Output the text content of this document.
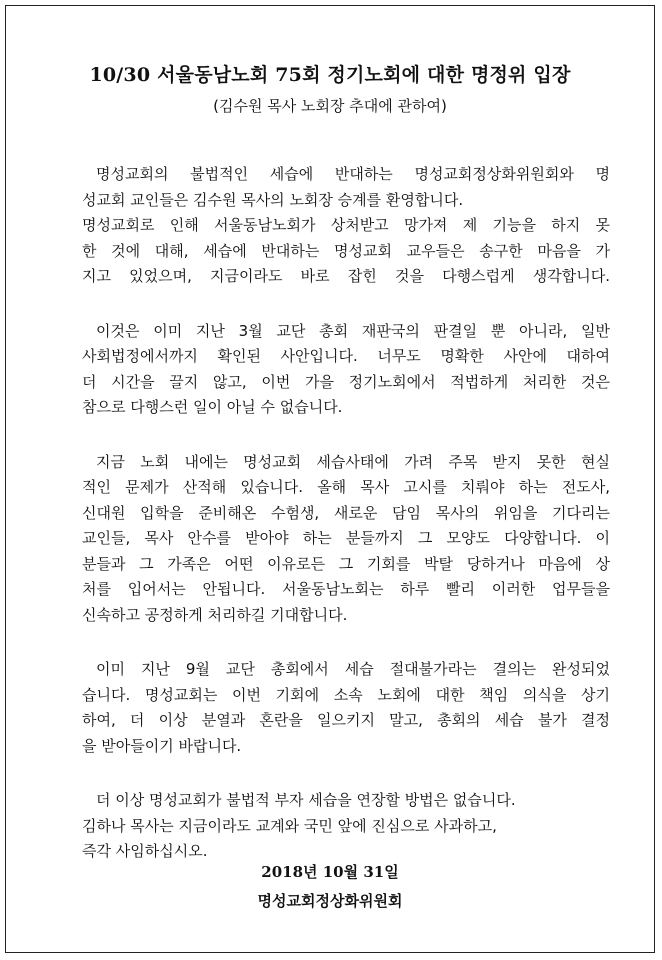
10/30 서울동남노회 75회 정기노회에 대한 명정위 입장
(김수원 목사 노회장 추대에 관하여)
명성교회의 불법적인 세습에 반대하는 명성교회정상화위원회와 명
성교회 교인들은 김수원 목사의 노회장 승계를 환영합니다.
명성교회로 인해 서울동남노회가 상처받고 망가져 제 기능을 하지 못
한 것에 대해, 세습에 반대하는 명성교회 교우들은 송구한 마음을 가
지고 있었으며, 지금이라도 바로 잡힌 것을 다행스럽게 생각합니다.
이것은 이미 지난 3월 교단 총회 재판국의 판결일 뿐 아니라, 일반
사회법정에서까지 확인된 사안입니다. 너무도 명확한 사안에 대하여
더 시간을 끌지 않고, 이번 가을 정기노회에서 적법하게 처리한 것은
참으로 다행스런 일이 아닐 수 없습니다.
지금 노회 내에는 명성교회 세습사태에 가려 주목 받지 못한 현실
적인 문제가 산적해 있습니다. 올해 목사 고시를 치뤄야 하는 전도사,
신대원 입학을 준비해온 수험생, 새로운 담임 목사의 위임을 기다리는
교인들, 목사 안수를 받아야 하는 분들까지 그 모양도 다양합니다. 이
분들과 그 가족은 어떤 이유로든 그 기회를 박탈 당하거나 마음에 상
처를 입어서는 안됩니다. 서울동남노회는 하루 빨리 이러한 업무들을
신속하고 공정하게 처리하길 기대합니다.
이미 지난 9월 교단 총회에서 세습 절대불가라는 결의는 완성되었
습니다. 명성교회는 이번 기회에 소속 노회에 대한 책임 의식을 상기
하여, 더 이상 분열과 혼란을 일으키지 말고, 총회의 세습 불가 결정
을 받아들이기 바랍니다.
더 이상 명성교회가 불법적 부자 세습을 연장할 방법은 없습니다.
김하나 목사는 지금이라도 교계와 국민 앞에 진심으로 사과하고,
즉각 사임하십시오.
2018년 10월 31일
명성교회정상화위원회
